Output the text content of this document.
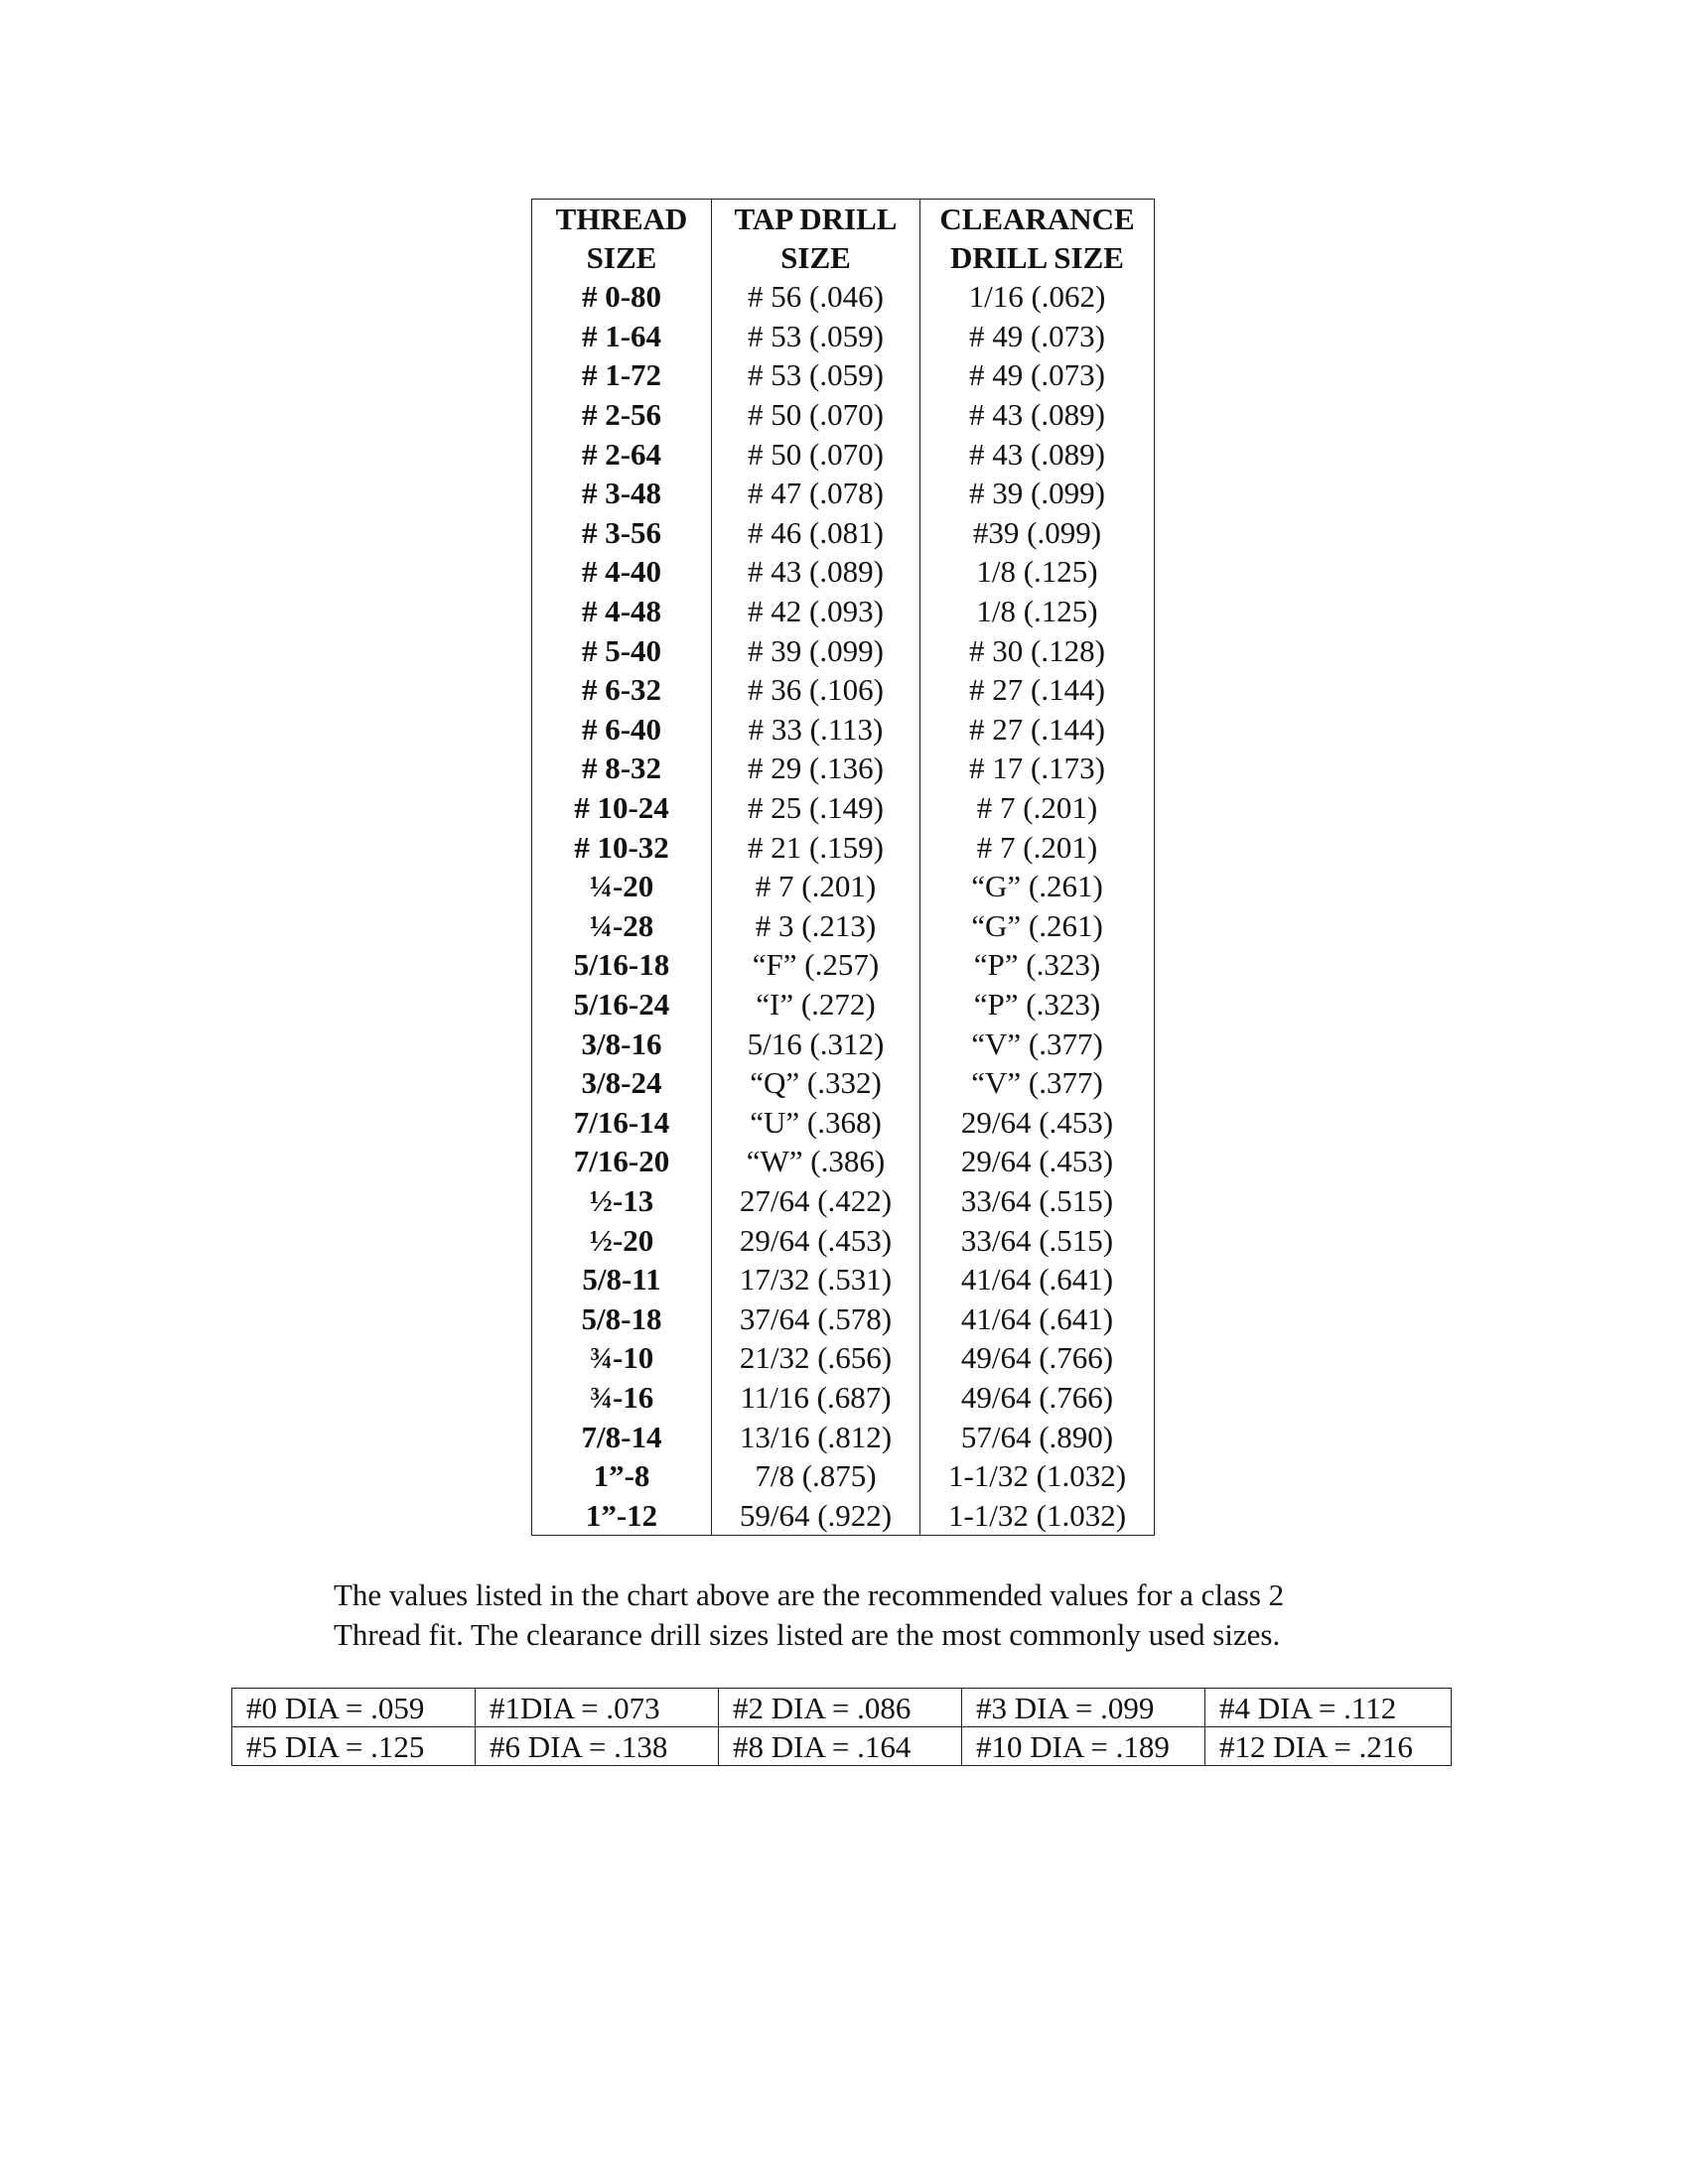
THREAD	TAP DRILL	CLEARANCE
SIZE	SIZE	DRILL SIZE
# 0-80	# 56 (.046)	1/16 (.062)
# 1-64	# 53 (.059)	# 49 (.073)
# 1-72	# 53 (.059)	# 49 (.073)
# 2-56	# 50 (.070)	# 43 (.089)
# 2-64	# 50 (.070)	# 43 (.089)
# 3-48	# 47 (.078)	# 39 (.099)
# 3-56	# 46 (.081)	#39 (.099)
# 4-40	# 43 (.089)	1/8 (.125)
# 4-48	# 42 (.093)	1/8 (.125)
# 5-40	# 39 (.099)	# 30 (.128)
# 6-32	# 36 (.106)	# 27 (.144)
# 6-40	# 33 (.113)	# 27 (.144)
# 8-32	# 29 (.136)	# 17 (.173)
# 10-24	# 25 (.149)	# 7 (.201)
# 10-32	# 21 (.159)	# 7 (.201)
¼-20	# 7 (.201)	“G” (.261)
¼-28	# 3 (.213)	“G” (.261)
5/16-18	“F” (.257)	“P” (.323)
5/16-24	“I” (.272)	“P” (.323)
3/8-16	5/16 (.312)	“V” (.377)
3/8-24	“Q” (.332)	“V” (.377)
7/16-14	“U” (.368)	29/64 (.453)
7/16-20	“W” (.386)	29/64 (.453)
½-13	27/64 (.422)	33/64 (.515)
½-20	29/64 (.453)	33/64 (.515)
5/8-11	17/32 (.531)	41/64 (.641)
5/8-18	37/64 (.578)	41/64 (.641)
¾-10	21/32 (.656)	49/64 (.766)
¾-16	11/16 (.687)	49/64 (.766)
7/8-14	13/16 (.812)	57/64 (.890)
1”-8	7/8 (.875)	1-1/32 (1.032)
1”-12	59/64 (.922)	1-1/32 (1.032)
The values listed in the chart above are the recommended values for a class 2
Thread fit. The clearance drill sizes listed are the most commonly used sizes.
#0 DIA = .059	#1DIA = .073	#2 DIA = .086	#3 DIA = .099	#4 DIA = .112
#5 DIA = .125	#6 DIA = .138	#8 DIA = .164	#10 DIA = .189	#12 DIA = .216
